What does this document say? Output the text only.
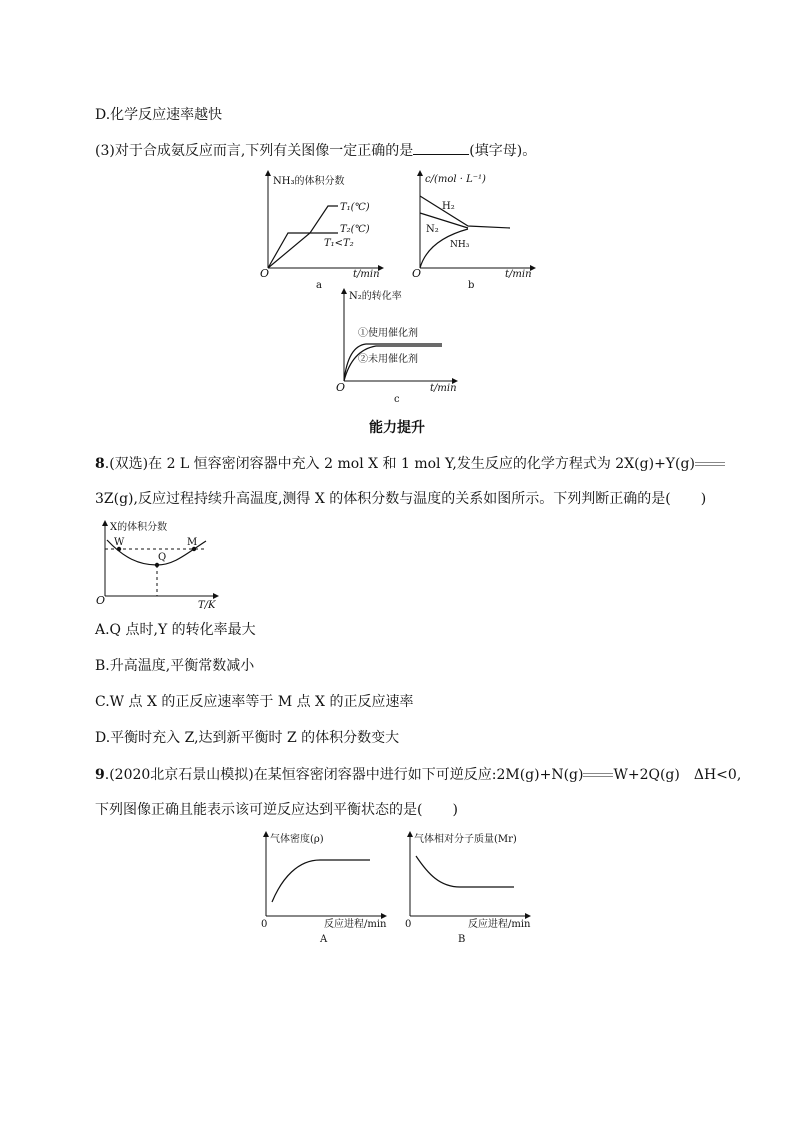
D.化学反应速率越快
(3)对于合成氨反应而言,下列有关图像一定正确的是	(填字母)。
NH₃的体积分数
O	t/min
T₁(℃)
T₂(℃)
T₁<T₂
a
c/(mol · L⁻¹)
O	t/min
H₂
N₂
NH₃
b
N₂的转化率
O	t/min
①使用催化剂
②未用催化剂
c
能力提升
8.(双选)在 2 L 恒容密闭容器中充入 2 mol X 和 1 mol Y,发生反应的化学方程式为 2X(g)+Y(g)
3Z(g),反应过程持续升高温度,测得 X 的体积分数与温度的关系如图所示。下列判断正确的是( )
X的体积分数
O	T/K
W
Q
M
A.Q 点时,Y 的转化率最大
B.升高温度,平衡常数减小
C.W 点 X 的正反应速率等于 M 点 X 的正反应速率
D.平衡时充入 Z,达到新平衡时 Z 的体积分数变大
9.(2020北京石景山模拟)在某恒容密闭容器中进行如下可逆反应:2M(g)+N(g) W+2Q(g)　ΔH<0,
下列图像正确且能表示该可逆反应达到平衡状态的是( )
气体密度(ρ)
0	反应进程/min
A
气体相对分子质量(Mr)
0	反应进程/min
B
